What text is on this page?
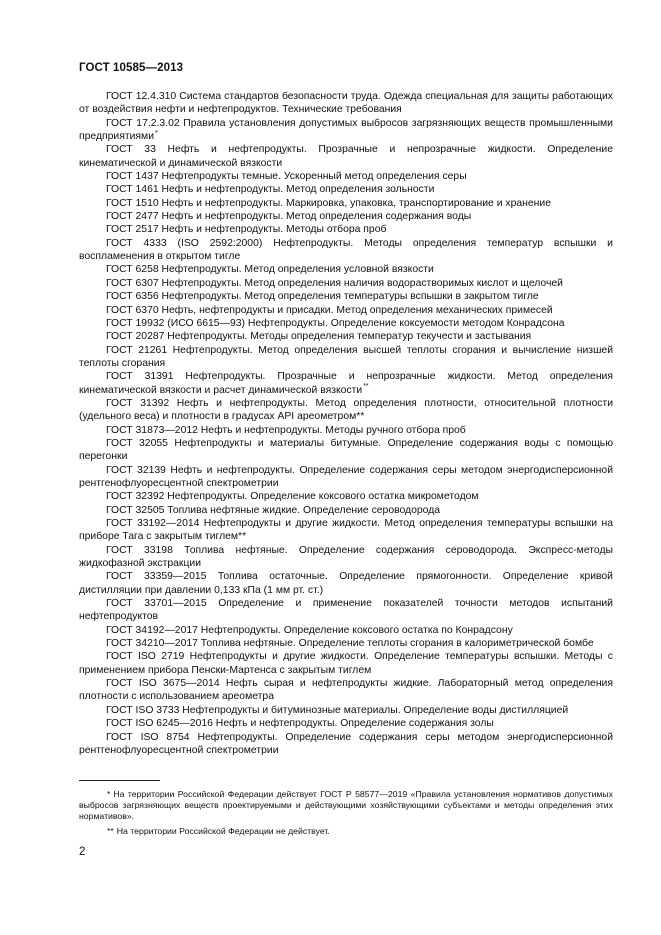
ГОСТ 10585—2013

ГОСТ 12.4.310 Система стандартов безопасности труда. Одежда специальная для защиты работающих от воздействия нефти и нефтепродуктов. Технические требования

ГОСТ 17.2.3.02 Правила установления допустимых выбросов загрязняющих веществ промышленными предприятиями*

ГОСТ 33 Нефть и нефтепродукты. Прозрачные и непрозрачные жидкости. Определение кинематической и динамической вязкости

ГОСТ 1437 Нефтепродукты темные. Ускоренный метод определения серы

ГОСТ 1461 Нефть и нефтепродукты. Метод определения зольности

ГОСТ 1510 Нефть и нефтепродукты. Маркировка, упаковка, транспортирование и хранение

ГОСТ 2477 Нефть и нефтепродукты. Метод определения содержания воды

ГОСТ 2517 Нефть и нефтепродукты. Методы отбора проб

ГОСТ 4333 (ISO 2592:2000) Нефтепродукты. Методы определения температур вспышки и воспламенения в открытом тигле

ГОСТ 6258 Нефтепродукты. Метод определения условной вязкости

ГОСТ 6307 Нефтепродукты. Метод определения наличия водорастворимых кислот и щелочей

ГОСТ 6356 Нефтепродукты. Метод определения температуры вспышки в закрытом тигле

ГОСТ 6370 Нефть, нефтепродукты и присадки. Метод определения механических примесей

ГОСТ 19932 (ИСО 6615—93) Нефтепродукты. Определение коксуемости методом Конрадсона

ГОСТ 20287 Нефтепродукты. Методы определения температур текучести и застывания

ГОСТ 21261 Нефтепродукты. Метод определения высшей теплоты сгорания и вычисление низшей теплоты сгорания

ГОСТ 31391 Нефтепродукты. Прозрачные и непрозрачные жидкости. Метод определения кинематической вязкости и расчет динамической вязкости**

ГОСТ 31392 Нефть и нефтепродукты. Метод определения плотности, относительной плотности (удельного веса) и плотности в градусах API ареометром**

ГОСТ 31873—2012 Нефть и нефтепродукты. Методы ручного отбора проб

ГОСТ 32055 Нефтепродукты и материалы битумные. Определение содержания воды с помощью перегонки

ГОСТ 32139 Нефть и нефтепродукты. Определение содержания серы методом энергодисперсионной рентгенофлуоресцентной спектрометрии

ГОСТ 32392 Нефтепродукты. Определение коксового остатка микрометодом

ГОСТ 32505 Топлива нефтяные жидкие. Определение сероводорода

ГОСТ 33192—2014 Нефтепродукты и другие жидкости. Метод определения температуры вспышки на приборе Тага с закрытым тиглем**

ГОСТ 33198 Топлива нефтяные. Определение содержания сероводорода. Экспресс-методы жидкофазной экстракции

ГОСТ 33359—2015 Топлива остаточные. Определение прямогонности. Определение кривой дистилляции при давлении 0,133 кПа (1 мм рт. ст.)

ГОСТ 33701—2015 Определение и применение показателей точности методов испытаний нефтепродуктов

ГОСТ 34192—2017 Нефтепродукты. Определение коксового остатка по Конрадсону

ГОСТ 34210—2017 Топлива нефтяные. Определение теплоты сгорания в калориметрической бомбе

ГОСТ ISO 2719 Нефтепродукты и другие жидкости. Определение температуры вспышки. Методы с применением прибора Пенски-Мартенса с закрытым тиглем

ГОСТ ISO 3675—2014 Нефть сырая и нефтепродукты жидкие. Лабораторный метод определения плотности с использованием ареометра

ГОСТ ISO 3733 Нефтепродукты и битуминозные материалы. Определение воды дистилляцией

ГОСТ ISO 6245—2016 Нефть и нефтепродукты. Определение содержания золы

ГОСТ ISO 8754 Нефтепродукты. Определение содержания серы методом энергодисперсионной рентгенофлуоресцентной спектрометрии

* На территории Российской Федерации действует ГОСТ Р 58577—2019 «Правила установления нормативов допустимых выбросов загрязняющих веществ проектируемыми и действующими хозяйствующими субъектами и методы определения этих нормативов».

** На территории Российской Федерации не действует.

2
